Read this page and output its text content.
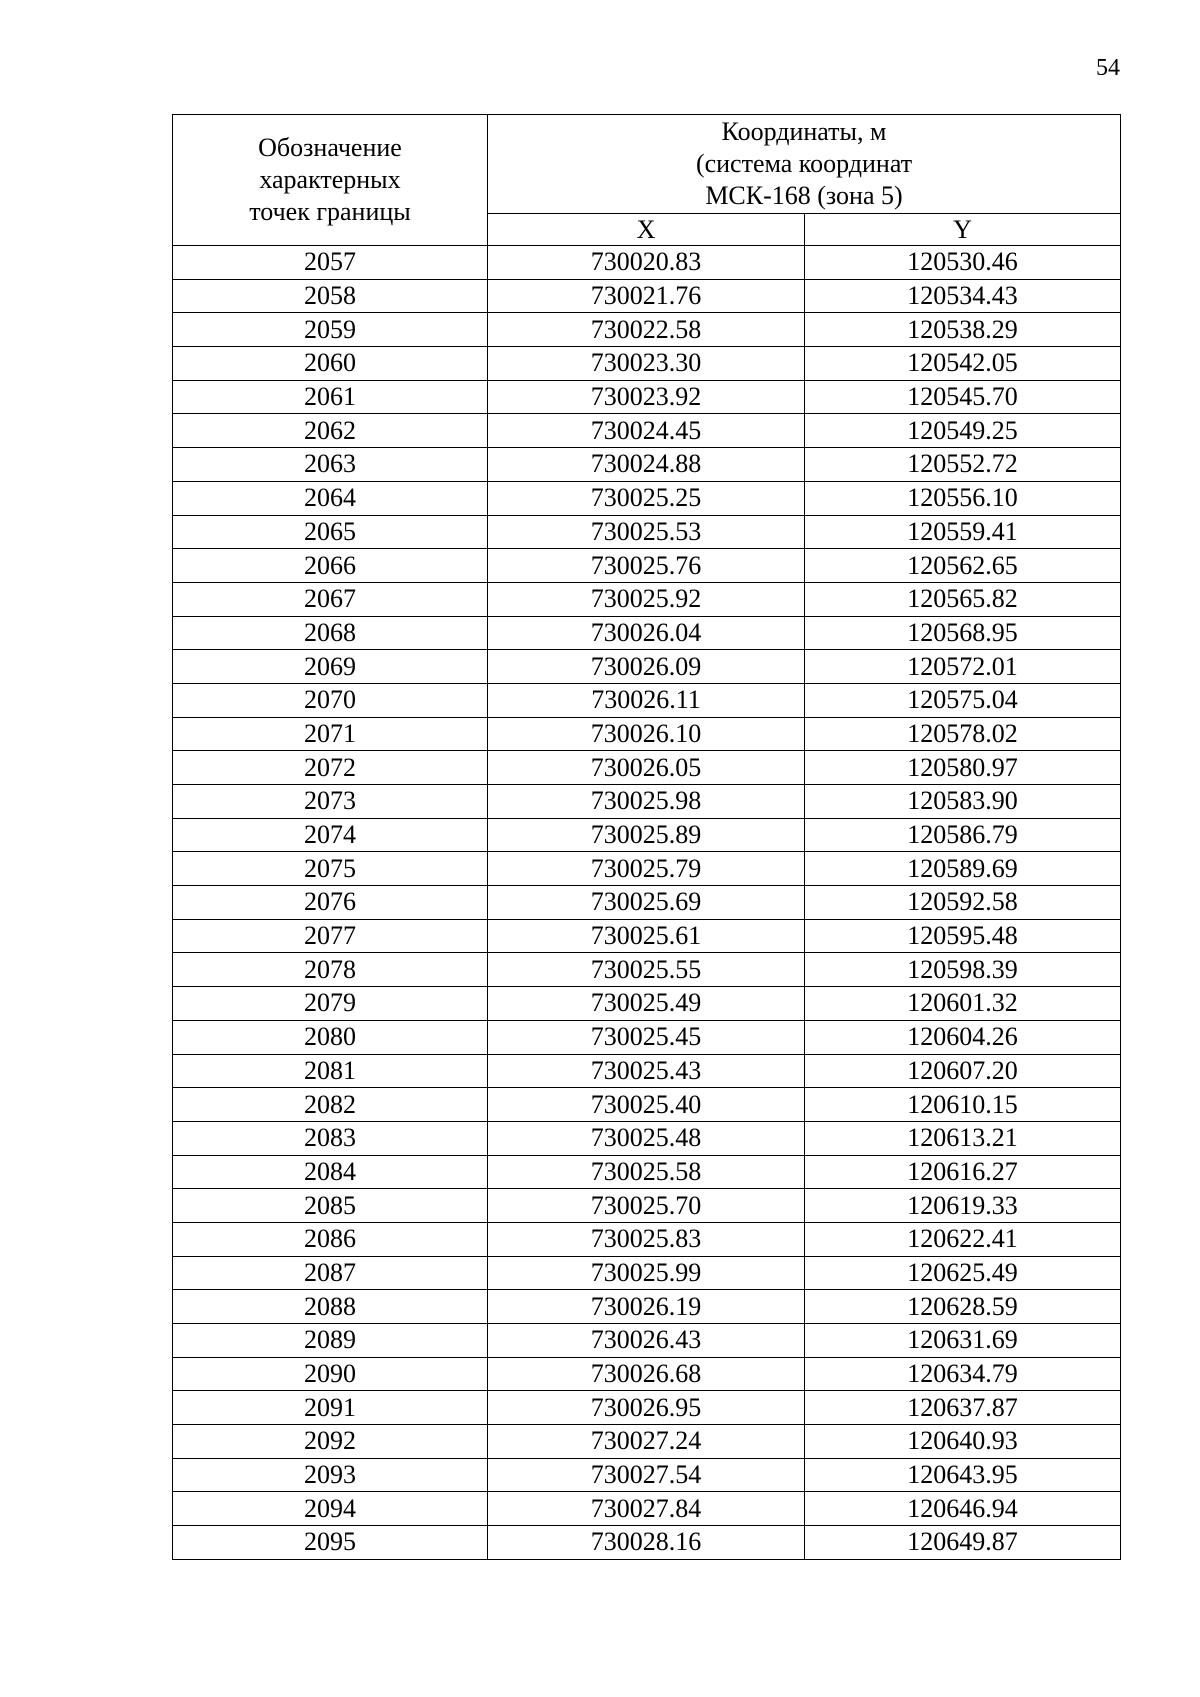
54
Обозначение
характерных
точек границы	Координаты, м
(система координат
МСК-168 (зона 5)	

	X	Y
2057	730020.83	120530.46
2058	730021.76	120534.43
2059	730022.58	120538.29
2060	730023.30	120542.05
2061	730023.92	120545.70
2062	730024.45	120549.25
2063	730024.88	120552.72
2064	730025.25	120556.10
2065	730025.53	120559.41
2066	730025.76	120562.65
2067	730025.92	120565.82
2068	730026.04	120568.95
2069	730026.09	120572.01
2070	730026.11	120575.04
2071	730026.10	120578.02
2072	730026.05	120580.97
2073	730025.98	120583.90
2074	730025.89	120586.79
2075	730025.79	120589.69
2076	730025.69	120592.58
2077	730025.61	120595.48
2078	730025.55	120598.39
2079	730025.49	120601.32
2080	730025.45	120604.26
2081	730025.43	120607.20
2082	730025.40	120610.15
2083	730025.48	120613.21
2084	730025.58	120616.27
2085	730025.70	120619.33
2086	730025.83	120622.41
2087	730025.99	120625.49
2088	730026.19	120628.59
2089	730026.43	120631.69
2090	730026.68	120634.79
2091	730026.95	120637.87
2092	730027.24	120640.93
2093	730027.54	120643.95
2094	730027.84	120646.94
2095	730028.16	120649.87
